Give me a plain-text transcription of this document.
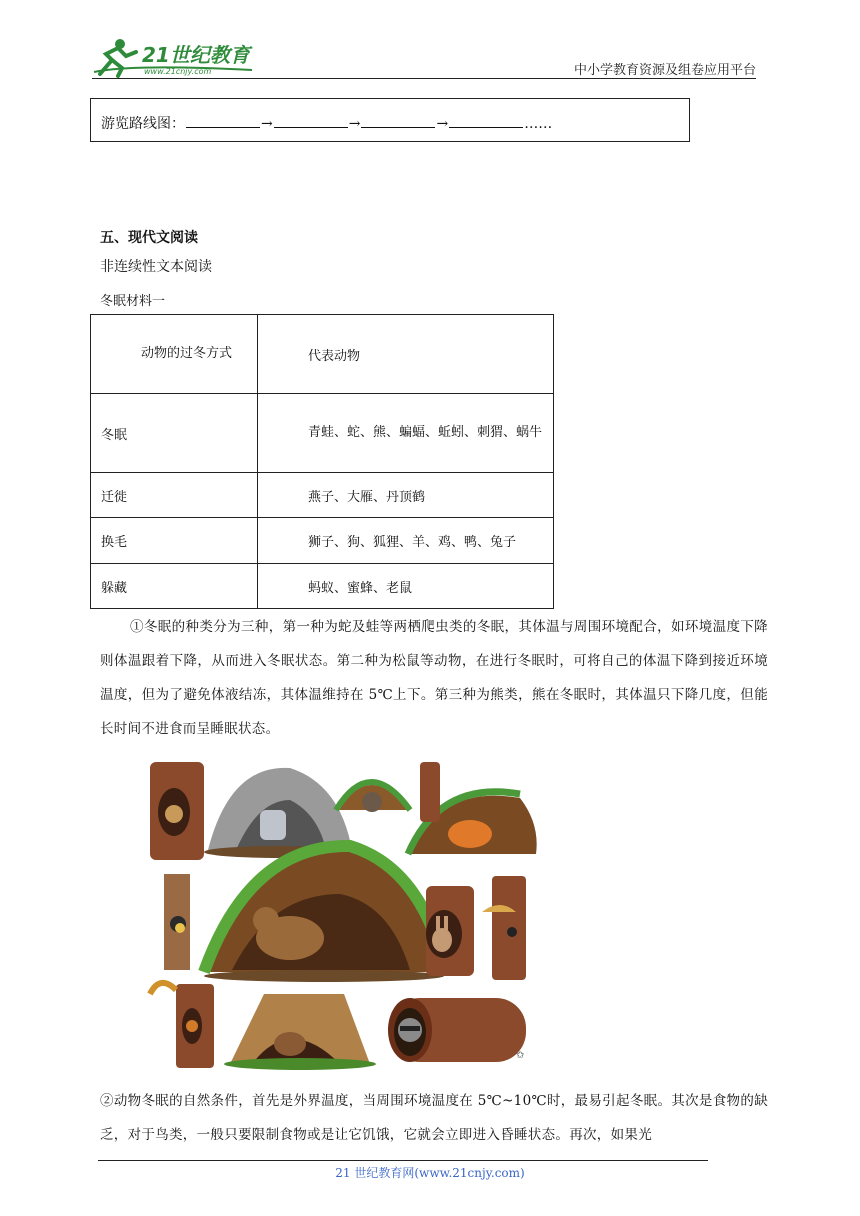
21世纪教育
www.21cnjy.com	中小学教育资源及组卷应用平台
游览路线图：	→	→	→	……
五、现代文阅读
非连续性文本阅读
冬眠材料一
动物的过冬方式	代表动物
冬眠	青蛙、蛇、熊、蝙蝠、蚯蚓、刺猬、蜗牛

迁徙	燕子、大雁、丹顶鹤
换毛	狮子、狗、狐狸、羊、鸡、鸭、兔子
躲藏	蚂蚁、蜜蜂、老鼠
①冬眠的种类分为三种，第一种为蛇及蛙等两栖爬虫类的冬眠，其体温与周围环境配合，如环境温度下降则体温跟着下降，从而进入冬眠状态。第二种为松鼠等动物，在进行冬眠时，可将自己的体温下降到接近环境温度，但为了避免体液结冻，其体温维持在 5℃上下。第三种为熊类，熊在冬眠时，其体温只下降几度，但能长时间不进食而呈睡眠状态。
✩
②动物冬眠的自然条件，首先是外界温度，当周围环境温度在 5℃~10℃时，最易引起冬眠。其次是食物的缺乏，对于鸟类，一般只要限制食物或是让它饥饿，它就会立即进入昏睡状态。再次，如果光
21 世纪教育网(www.21cnjy.com)
